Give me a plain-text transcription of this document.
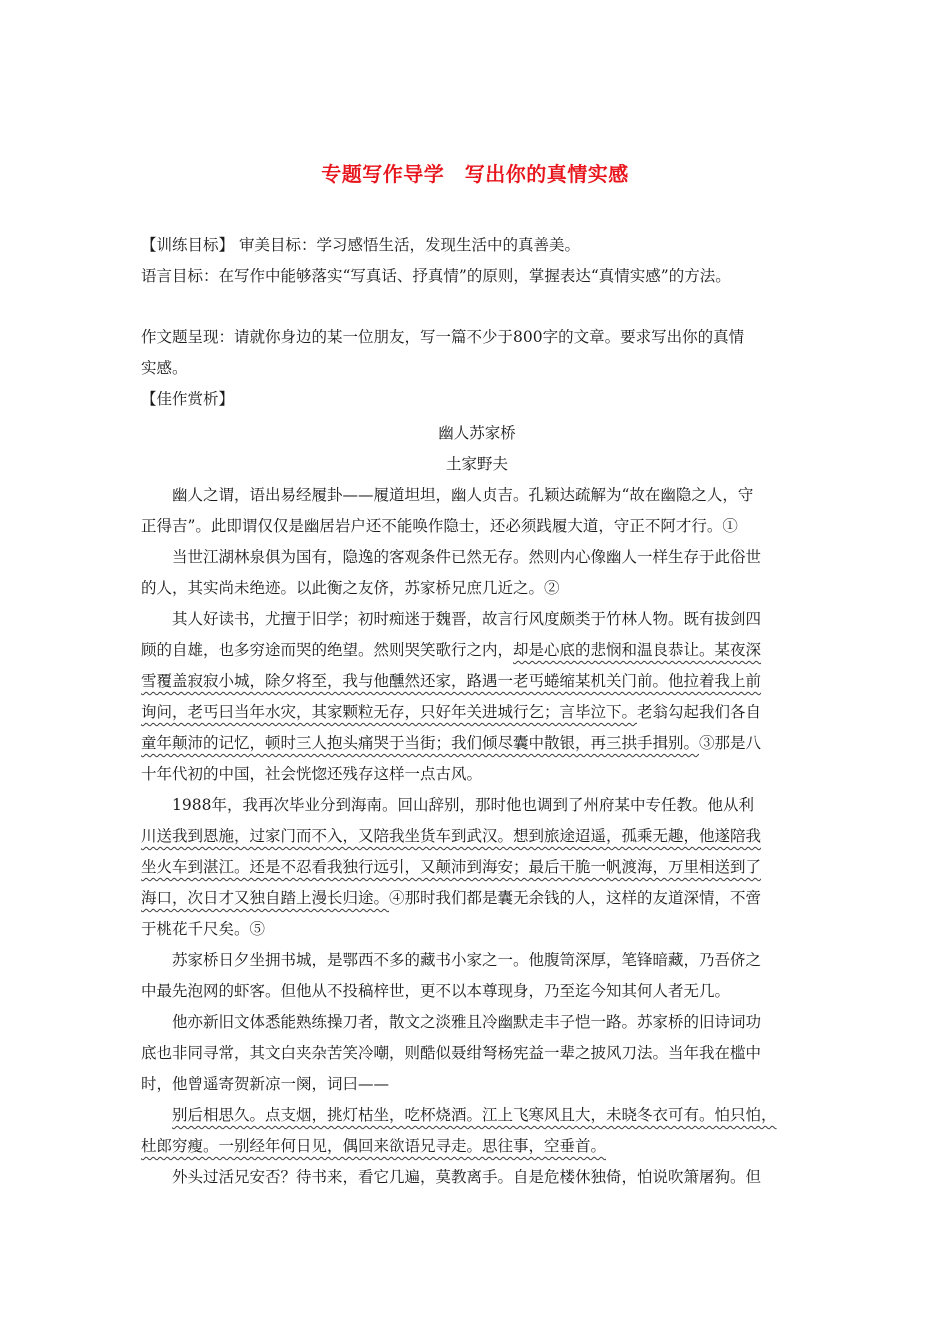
专题写作导学　写出你的真情实感
【训练目标】 审美目标：学习感悟生活，发现生活中的真善美。
语言目标：在写作中能够落实“写真话、抒真情”的原则，掌握表达“真情实感”的方法。
作文题呈现：请就你身边的某一位朋友，写一篇不少于800字的文章。要求写出你的真情
实感。
【佳作赏析】
幽人苏家桥
土家野夫
幽人之谓，语出易经履卦——履道坦坦，幽人贞吉。孔颖达疏解为“故在幽隐之人，守
正得吉”。此即谓仅仅是幽居岩户还不能唤作隐士，还必须践履大道，守正不阿才行。①
当世江湖林泉俱为国有，隐逸的客观条件已然无存。然则内心像幽人一样生存于此俗世
的人，其实尚未绝迹。以此衡之友侪，苏家桥兄庶几近之。②
其人好读书，尤擅于旧学；初时痴迷于魏晋，故言行风度颇类于竹林人物。既有拔剑四
顾的自雄，也多穷途而哭的绝望。然则哭笑歌行之内，却是心底的悲悯和温良恭让。某夜深
雪覆盖寂寂小城，除夕将至，我与他醺然还家，路遇一老丐蜷缩某机关门前。他拉着我上前
询问，老丐曰当年水灾，其家颗粒无存，只好年关进城行乞；言毕泣下。老翁勾起我们各自
童年颠沛的记忆，顿时三人抱头痛哭于当街；我们倾尽囊中散银，再三拱手揖别。③那是八
十年代初的中国，社会恍惚还残存这样一点古风。
1988年，我再次毕业分到海南。回山辞别，那时他也调到了州府某中专任教。他从利
川送我到恩施，过家门而不入，又陪我坐货车到武汉。想到旅途迢遥，孤乘无趣，他遂陪我
坐火车到湛江。还是不忍看我独行远引，又颠沛到海安；最后干脆一帆渡海，万里相送到了
海口，次日才又独自踏上漫长归途。④那时我们都是囊无余钱的人，这样的友道深情，不啻
于桃花千尺矣。⑤
苏家桥日夕坐拥书城，是鄂西不多的藏书小家之一。他腹笥深厚，笔锋暗藏，乃吾侪之
中最先泡网的虾客。但他从不投稿梓世，更不以本尊现身，乃至迄今知其何人者无几。
他亦新旧文体悉能熟练操刀者，散文之淡雅且冷幽默走丰子恺一路。苏家桥的旧诗词功
底也非同寻常，其文白夹杂苦笑冷嘲，则酷似聂绀弩杨宪益一辈之披风刀法。当年我在槛中
时，他曾遥寄贺新凉一阕，词曰——
别后相思久。点支烟，挑灯枯坐，吃杯烧酒。江上飞寒风且大，未晓冬衣可有。怕只怕，
杜郎穷瘦。一别经年何日见，偶回来欲语兄寻走。思往事，空垂首。
外头过活兄安否？待书来，看它几遍，莫教离手。自是危楼休独倚，怕说吹箫屠狗。但
